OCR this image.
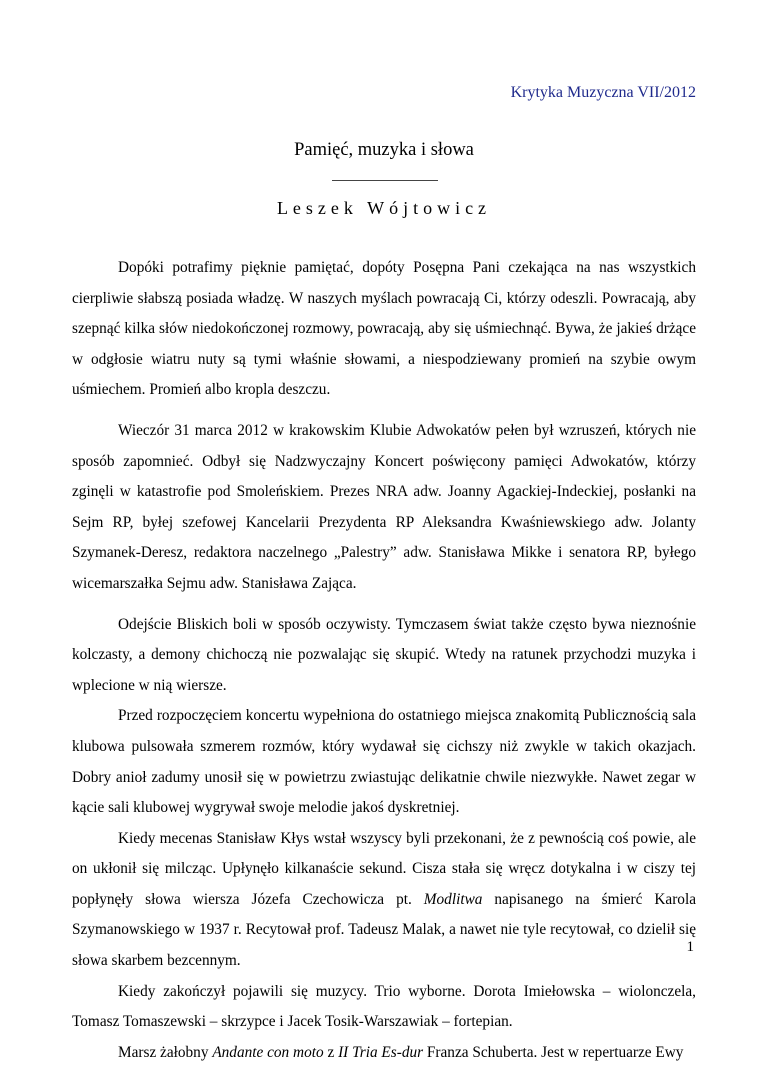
Krytyka Muzyczna VII/2012
Pamięć, muzyka i słowa
Leszek Wójtowicz

Dopóki potrafimy pięknie pamiętać, dopóty Posępna Pani czekająca na nas wszystkich cierpliwie słabszą posiada władzę. W naszych myślach powracają Ci, którzy odeszli. Powracają, aby szepnąć kilka słów niedokończonej rozmowy, powracają, aby się uśmiechnąć. Bywa, że jakieś drżące w odgłosie wiatru nuty są tymi właśnie słowami, a niespodziewany promień na szybie owym uśmiechem. Promień albo kropla deszczu.

Wieczór 31 marca 2012 w krakowskim Klubie Adwokatów pełen był wzruszeń, których nie sposób zapomnieć. Odbył się Nadzwyczajny Koncert poświęcony pamięci Adwokatów, którzy zginęli w katastrofie pod Smoleńskiem. Prezes NRA adw. Joanny Agackiej-Indeckiej, posłanki na Sejm RP, byłej szefowej Kancelarii Prezydenta RP Aleksandra Kwaśniewskiego adw. Jolanty Szymanek-Deresz, redaktora naczelnego „Palestry” adw. Stanisława Mikke i senatora RP, byłego wicemarszałka Sejmu adw. Stanisława Zająca.

Odejście Bliskich boli w sposób oczywisty. Tymczasem świat także często bywa nieznośnie kolczasty, a demony chichoczą nie pozwalając się skupić. Wtedy na ratunek przychodzi muzyka i wplecione w nią wiersze.

Przed rozpoczęciem koncertu wypełniona do ostatniego miejsca znakomitą Publicznością sala klubowa pulsowała szmerem rozmów, który wydawał się cichszy niż zwykle w takich okazjach. Dobry anioł zadumy unosił się w powietrzu zwiastując delikatnie chwile niezwykłe. Nawet zegar w kącie sali klubowej wygrywał swoje melodie jakoś dyskretniej.

Kiedy mecenas Stanisław Kłys wstał wszyscy byli przekonani, że z pewnością coś powie, ale on ukłonił się milcząc. Upłynęło kilkanaście sekund. Cisza stała się wręcz dotykalna i w ciszy tej popłynęły słowa wiersza Józefa Czechowicza pt. Modlitwa napisanego na śmierć Karola Szymanowskiego w 1937 r. Recytował prof. Tadeusz Malak, a nawet nie tyle recytował, co dzielił się słowa skarbem bezcennym.

Kiedy zakończył pojawili się muzycy. Trio wyborne. Dorota Imiełowska – wiolonczela, Tomasz Tomaszewski – skrzypce i Jacek Tosik-Warszawiak – fortepian.

Marsz żałobny Andante con moto z II Tria Es-dur Franza Schuberta. Jest w repertuarze Ewy

1
